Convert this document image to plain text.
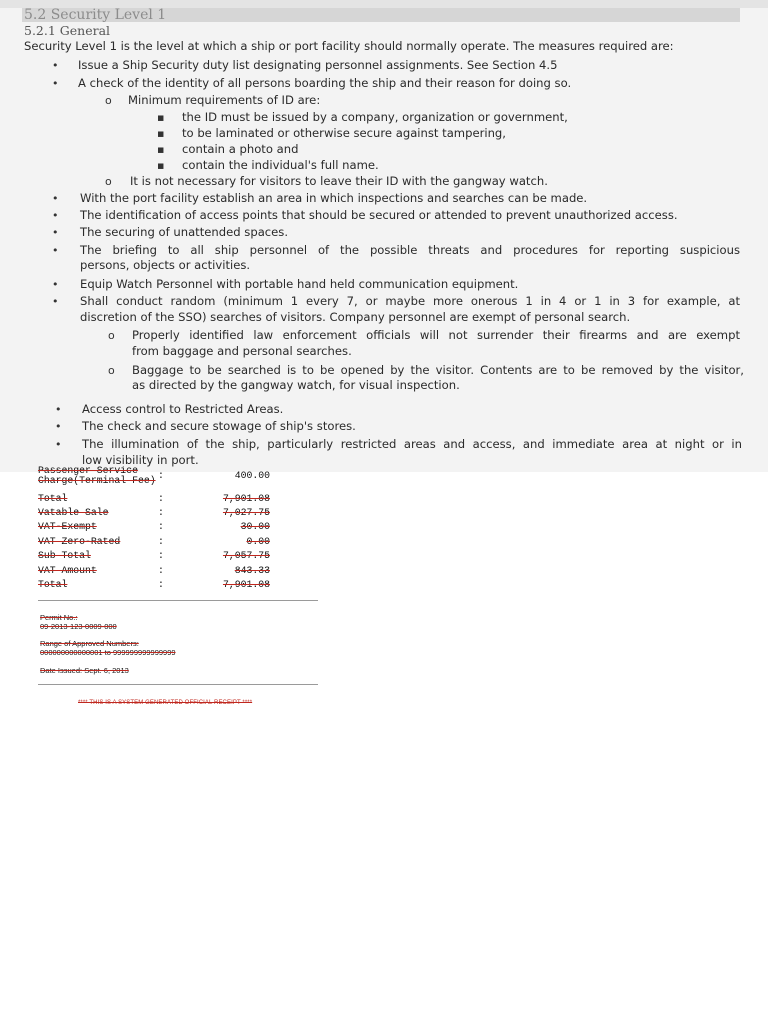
5.2 Security Level 1
5.2.1 General
Security Level 1 is the level at which a ship or port facility should normally operate. The measures required are:
• Issue a Ship Security duty list designating personnel assignments. See Section 4.5
• A check of the identity of all persons boarding the ship and their reason for doing so.
o Minimum requirements of ID are:
▪ the ID must be issued by a company, organization or government,
▪ to be laminated or otherwise secure against tampering,
▪ contain a photo and
▪ contain the individual's full name.
o It is not necessary for visitors to leave their ID with the gangway watch.
• With the port facility establish an area in which inspections and searches can be made.
• The identification of access points that should be secured or attended to prevent unauthorized access.
• The securing of unattended spaces.
• The briefing to all ship personnel of the possible threats and procedures for reporting suspicious
persons, objects or activities.
• Equip Watch Personnel with portable hand held communication equipment.
• Shall conduct random (minimum 1 every 7, or maybe more onerous 1 in 4 or 1 in 3 for example, at
discretion of the SSO) searches of visitors. Company personnel are exempt of personal search.
o Properly identified law enforcement officials will not surrender their firearms and are exempt
from baggage and personal searches.
o Baggage to be searched is to be opened by the visitor. Contents are to be removed by the visitor,
as directed by the gangway watch, for visual inspection.
• Access control to Restricted Areas.
• The check and secure stowage of ship's stores.
• The illumination of the ship, particularly restricted areas and access, and immediate area at night or in
low visibility in port.
Passenger Service
Charge(Terminal Fee) :	400.00
Total	:	7,901.08
Vatable Sale	:	7,027.75
VAT-Exempt	:	30.00
VAT Zero-Rated	:	0.00
Sub Total	:	7,057.75
VAT Amount	:	843.33
Total	:	7,901.08
Permit No.:
09-2013-123-0009-000
Range of Approved Numbers:
000000000000001 to 999999999999999
Date Issued: Sept. 6, 2013
**** THIS IS A SYSTEM GENERATED OFFICIAL RECEIPT ****
